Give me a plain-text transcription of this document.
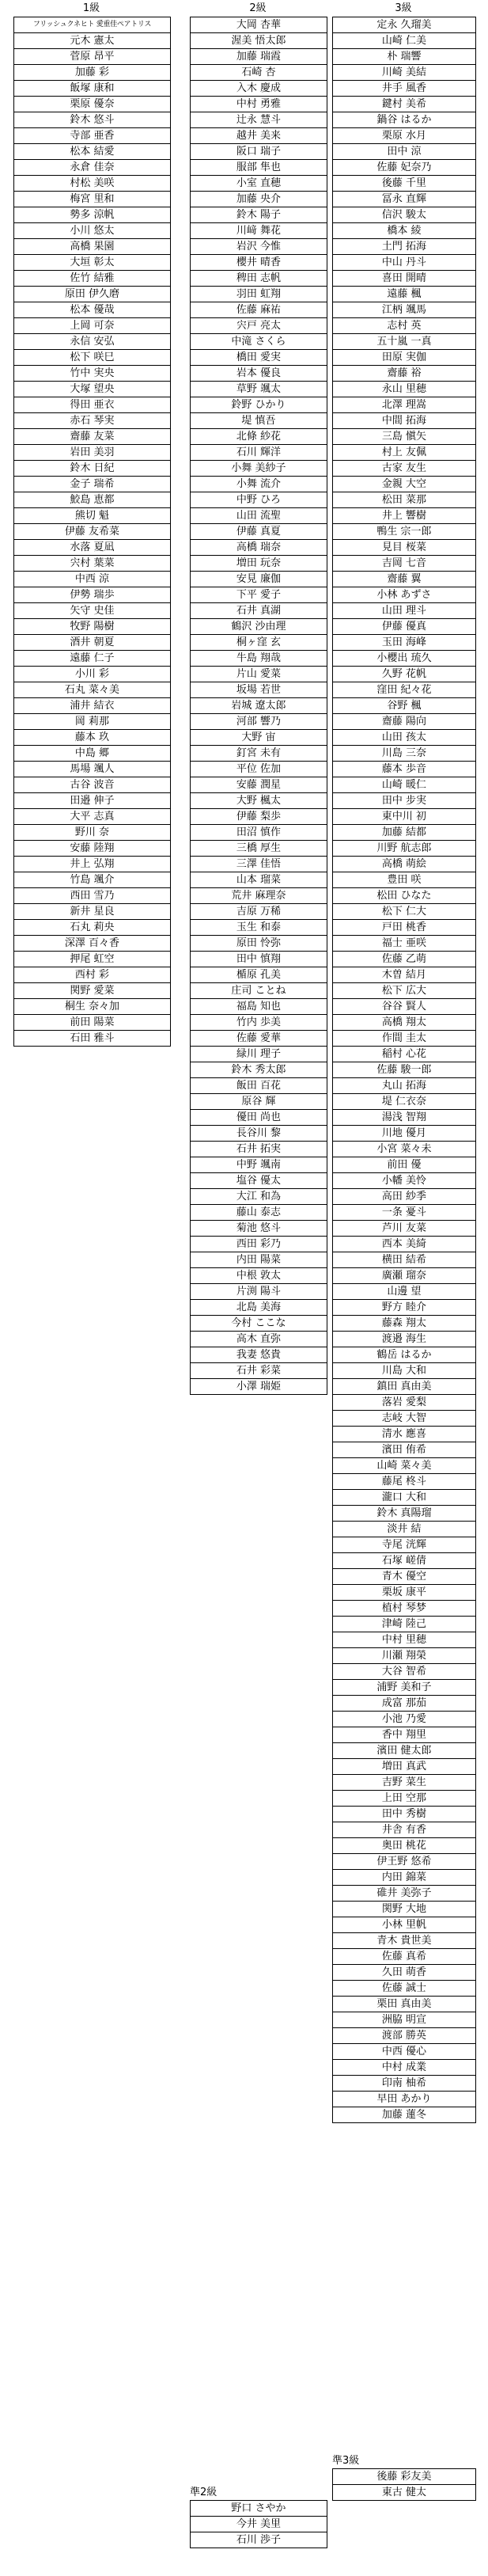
1級	2級	3級
フリッシュクネヒト 愛重佳ペアトリス
元木 憲太
菅原 昂平
加藤 彩
飯塚 康和
栗原 優奈
鈴木 悠斗
寺部 亜香
松本 結愛
永倉 佳奈
村松 美咲
梅宮 里和
勢多 涼帆
小川 悠太
高橋 果園
大垣 彰太
佐竹 結雅
原田 伊久磨
松本 優哉
上岡 可奈
永信 安弘
松下 咲巳
竹中 実央
大塚 望央
得田 亜衣
赤石 琴実
齋藤 友菜
岩田 美羽
鈴木 日紀
金子 瑞希
鮫島 恵都
熊切 魁
伊藤 友希菜
水落 夏凪
宍村 葉菜
中西 涼
伊勢 瑞歩
矢守 史佳
牧野 陽樹
酒井 朝夏
遠藤 仁子
小川 彩
石丸 菜々美
浦井 結衣
岡 莉那
藤本 玖
中島 郷
馬場 颯人
古谷 波音
田邉 伸子
大平 志真
野川 奈
安藤 陸翔
井上 弘翔
竹島 颯介
西田 雪乃
新井 星良
石丸 莉央
深澤 百々香
押尾 虹空
西村 彩
関野 愛菜
桐生 奈々加
前田 陽菜
石田 雅斗
大岡 杏華
渥美 悟太郎
加藤 瑞霞
石崎 杏
入木 慶成
中村 勇雅
辻永 慧斗
越井 美来
阪口 瑞子
服部 隼也
小室 直穂
加藤 央介
鈴木 陽子
川﨑 舞花
岩沢 今惟
櫻井 晴香
稗田 志帆
羽田 虹翔
佐藤 麻祐
宍戸 亮太
中滝 さくら
橋田 愛実
岩本 優良
草野 颯太
鈴野 ひかり
堤 慎吾
北條 紗花
石川 輝洋
小舞 美紗子
小舞 流介
中野 ひろ
山田 流聖
伊藤 真夏
高橋 瑞奈
増田 玩奈
安見 廉伽
下平 愛子
石井 真湖
鶴沢 沙由理
桐ヶ窪 玄
牛島 翔哉
片山 愛菜
坂場 若世
岩城 遼太郎
河部 響乃
大野 宙
釘宮 未有
平位 佐加
安藤 潤星
大野 楓太
伊藤 梨歩
田沼 慎作
三橋 厚生
三澤 佳悟
山本 瑠菜
荒井 麻理奈
吉原 万稀
玉生 和泰
原田 怜弥
田中 慎翔
楯原 孔美
庄司 ことね
福島 知也
竹内 歩美
佐藤 愛華
緑川 理子
鈴木 秀太郎
飯田 百花
原谷 輝
優田 尚也
長谷川 黎
石井 拓実
中野 颯南
塩谷 優太
大江 和為
藤山 泰志
菊池 悠斗
西田 彩乃
内田 陽菜
中根 敦太
片渕 陽斗
北島 美海
今村 ここな
高木 直弥
我妻 悠貴
石井 彩菜
小澤 瑞姫
定永 久瑠美
山崎 仁美
朴 瑞響
川崎 美結
井手 風香
鍵村 美希
鍋谷 はるか
栗原 水月
田中 涼
佐藤 妃奈乃
後藤 千里
冨永 直輝
信沢 駿太
橋本 綾
土門 拓海
中山 丹斗
喜田 開晴
遠藤 楓
江柄 颯馬
志村 英
五十嵐 一真
田原 実伽
齋藤 裕
永山 里穂
北澤 理嵩
中間 拓海
三島 愼矢
村上 友佩
古家 友生
金親 大空
松田 菜那
井上 響樹
鴨生 宗一郎
見目 桜菜
吉岡 七音
齋藤 翼
小林 あずさ
山田 理斗
伊藤 優真
玉田 海峰
小櫻出 琉久
久野 花帆
窪田 紀々花
谷野 楓
齋藤 陽向
山田 孩太
川島 三奈
藤本 歩音
山崎 暖仁
田中 步実
東中川 初
加藤 結都
川野 航志郎
高橋 萌絵
豊田 咲
松田 ひなた
松下 仁大
戸田 桃香
福士 亜咲
佐藤 乙萌
木曽 結月
松下 広大
谷谷 賢人
高橋 翔太
作間 圭太
稲村 心花
佐藤 駿一郎
丸山 拓海
堤 仁衣奈
湯浅 智翔
川地 優月
小宮 菜々未
前田 優
小幡 美怜
高田 紗季
一条 憂斗
芦川 友菜
西本 美綺
横田 結希
廣瀬 瑠奈
山邊 望
野方 睦介
藤森 翔太
渡邉 海生
鶴岳 はるか
川島 大和
鎮田 真由美
落岩 愛梨
志岐 大智
清水 應喜
濱田 侑希
山崎 菜々美
藤尾 柊斗
瀧口 大和
鈴木 真陽瑠
淡井 結
寺尾 洸輝
石塚 嵯倩
青木 優空
栗坂 康平
植村 琴梦
津崎 陸己
中村 里穂
川瀬 翔榮
大谷 智希
浦野 美和子
成富 那茄
小池 乃愛
香中 翔里
濱田 健太郎
増田 真武
吉野 菜生
上田 空那
田中 秀樹
井舎 有香
奥田 桃花
伊王野 悠希
内田 錦菜
碓井 美弥子
関野 大地
小林 里帆
青木 貴世美
佐藤 真希
久田 萌香
佐藤 誠士
栗田 真由美
洲脇 明宣
渡部 勝英
中西 優心
中村 成業
印南 柚希
早田 あかり
加藤 蓮冬
準3級
後藤 彩友美
東古 健太
準2級
野口 さやか
今井 美里
石川 渉子
